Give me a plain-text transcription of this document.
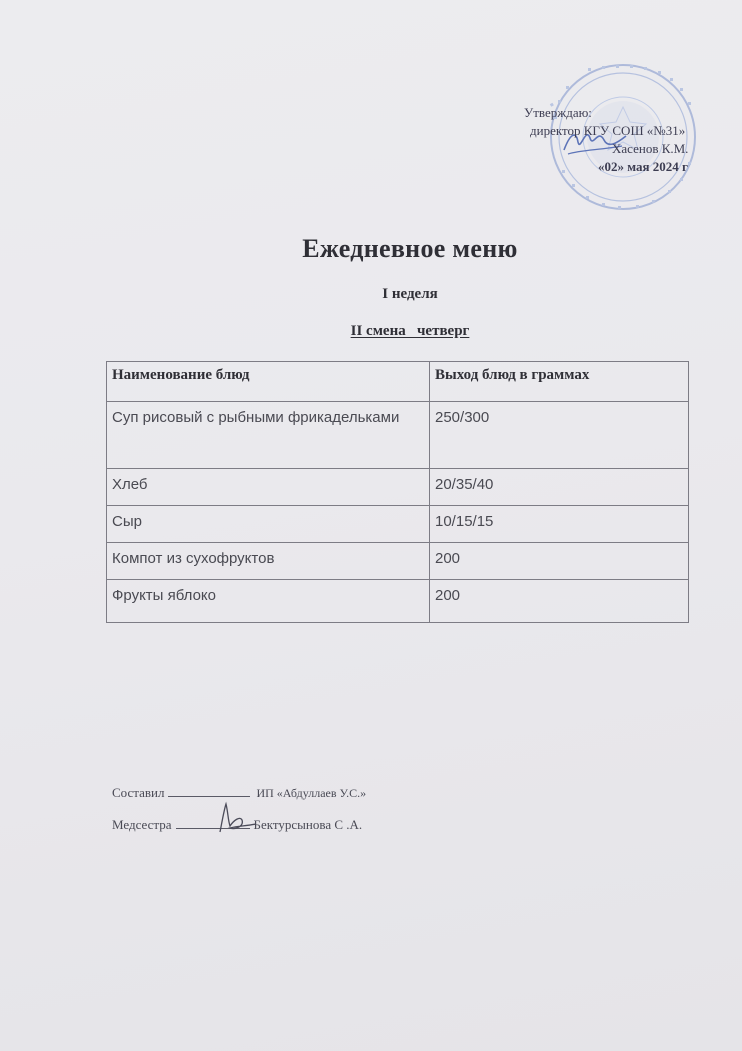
Утверждаю:
директор КГУ СОШ «№31»
Хасенов К.М.
«02» мая 2024 г
Ежедневное меню
I неделя
II смена   четверг
Наименование блюд	Выход блюд в граммах
Суп рисовый с рыбными фрикадельками	250/300
Хлеб	20/35/40
Сыр	10/15/15
Компот из сухофруктов	200
Фрукты яблоко	200
Составил	ИП «Абдуллаев У.С.»
Медсестра	Бектурсынова С .А.
